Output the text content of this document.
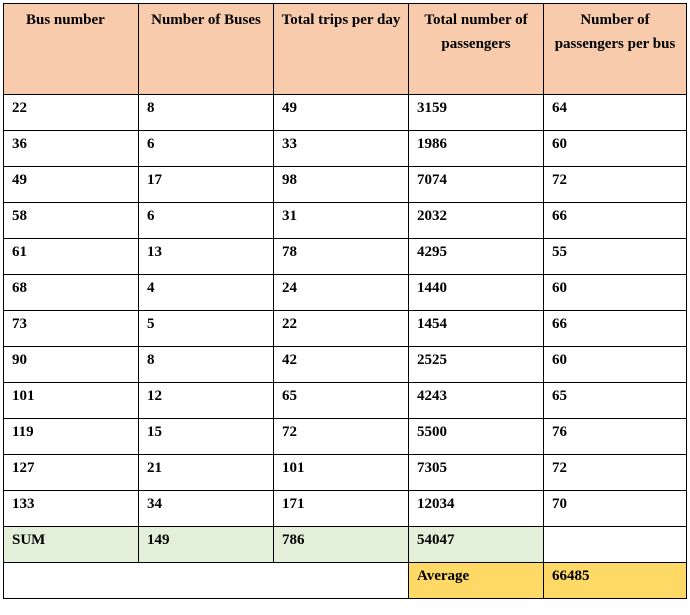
Bus number	Number of Buses	Total trips per day	Total number of passengers	Number of passengers per bus

22	8	49	3159	64
36	6	33	1986	60
49	17	98	7074	72
58	6	31	2032	66
61	13	78	4295	55
68	4	24	1440	60
73	5	22	1454	66
90	8	42	2525	60
101	12	65	4243	65
119	15	72	5500	76
127	21	101	7305	72
133	34	171	12034	70
SUM	149	786	54047	
			Average	66485
